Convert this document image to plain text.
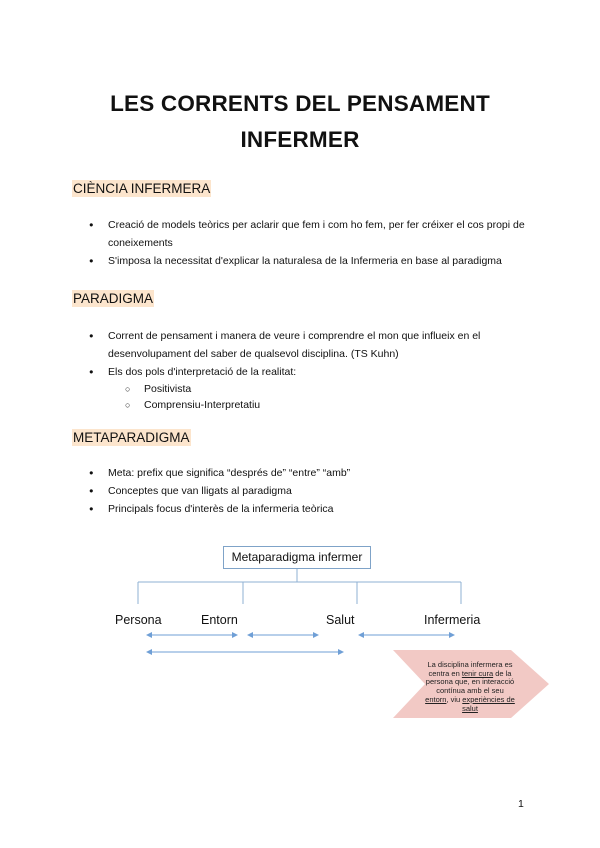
LES CORRENTS DEL PENSAMENT
INFERMER
CIÈNCIA INFERMERA
● Creació de models teòrics per aclarir que fem i com ho fem, per fer créixer el cos propi de coneixements
● S'imposa la necessitat d'explicar la naturalesa de la Infermeria en base al paradigma
PARADIGMA
● Corrent de pensament i manera de veure i comprendre el mon que influeix en el desenvolupament del saber de qualsevol disciplina. (TS Kuhn)
● Els dos pols d'interpretació de la realitat:
○ Positivista
○ Comprensiu-Interpretatiu
METAPARADIGMA
● Meta: prefix que significa “després de” “entre” “amb”
● Conceptes que van lligats al paradigma
● Principals focus d'interès de la infermeria teòrica
Metaparadigma infermer
Persona	Entorn	Salut	Infermeria
La disciplina infermera es centra en tenir cura de la persona que, en interacció contínua amb el seu entorn, viu experiències de salut
1
